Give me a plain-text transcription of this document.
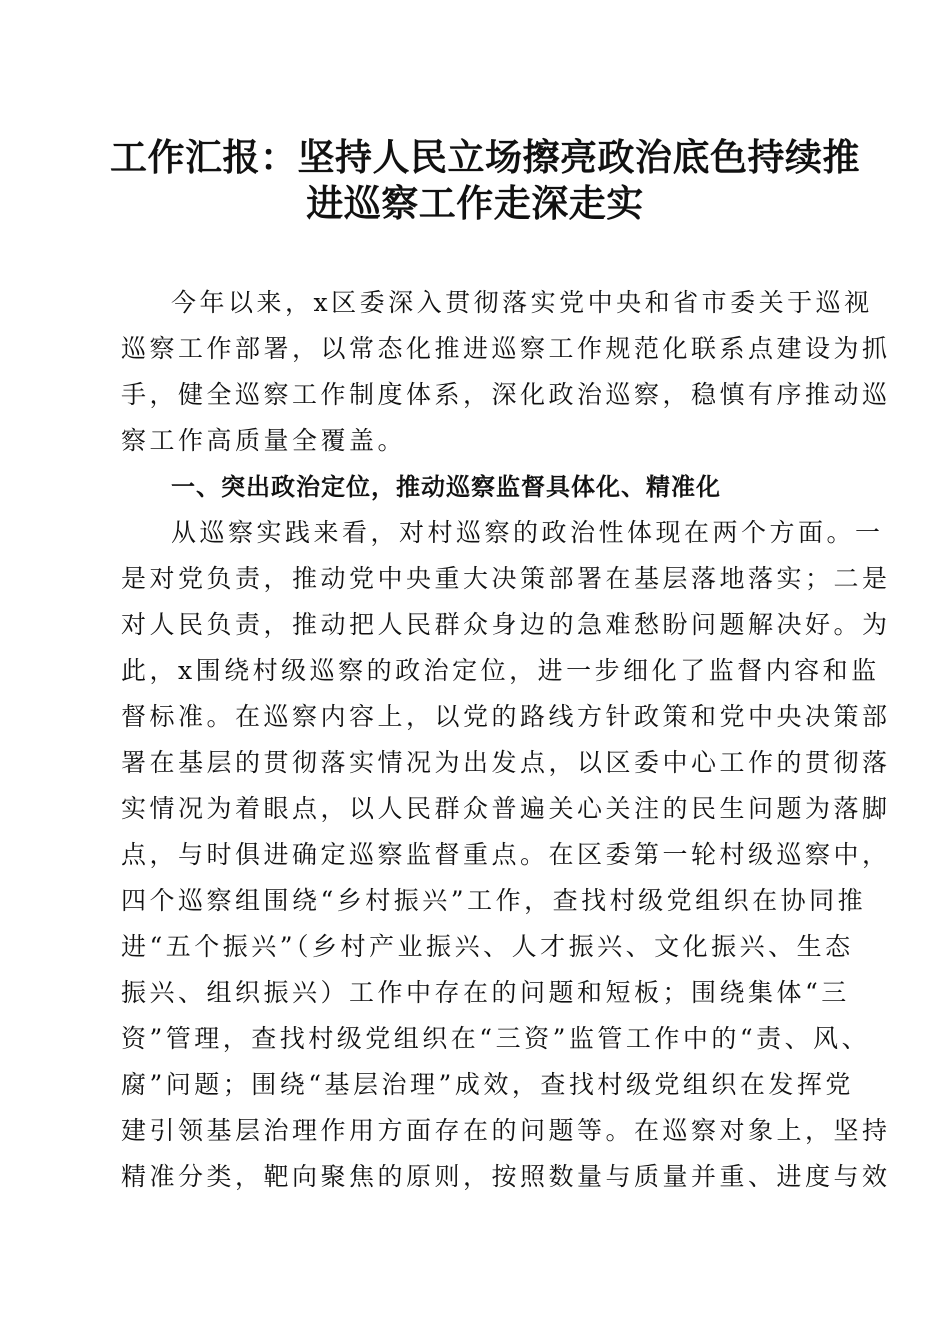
工作汇报：坚持人民立场擦亮政治底色持续推
进巡察工作走深走实
今年以来，x区委深入贯彻落实党中央和省市委关于巡视
巡察工作部署，以常态化推进巡察工作规范化联系点建设为抓
手，健全巡察工作制度体系，深化政治巡察，稳慎有序推动巡
察工作高质量全覆盖。
一、突出政治定位，推动巡察监督具体化、精准化
从巡察实践来看，对村巡察的政治性体现在两个方面。一
是对党负责，推动党中央重大决策部署在基层落地落实；二是
对人民负责，推动把人民群众身边的急难愁盼问题解决好。为
此，x围绕村级巡察的政治定位，进一步细化了监督内容和监
督标准。在巡察内容上，以党的路线方针政策和党中央决策部
署在基层的贯彻落实情况为出发点，以区委中心工作的贯彻落
实情况为着眼点，以人民群众普遍关心关注的民生问题为落脚
点，与时俱进确定巡察监督重点。在区委第一轮村级巡察中，
四个巡察组围绕“乡村振兴”工作，查找村级党组织在协同推
进“五个振兴”（乡村产业振兴、人才振兴、文化振兴、生态
振兴、组织振兴）工作中存在的问题和短板；围绕集体“三
资”管理，查找村级党组织在“三资”监管工作中的“责、风、
腐”问题；围绕“基层治理”成效，查找村级党组织在发挥党
建引领基层治理作用方面存在的问题等。在巡察对象上，坚持
精准分类，靶向聚焦的原则，按照数量与质量并重、进度与效
